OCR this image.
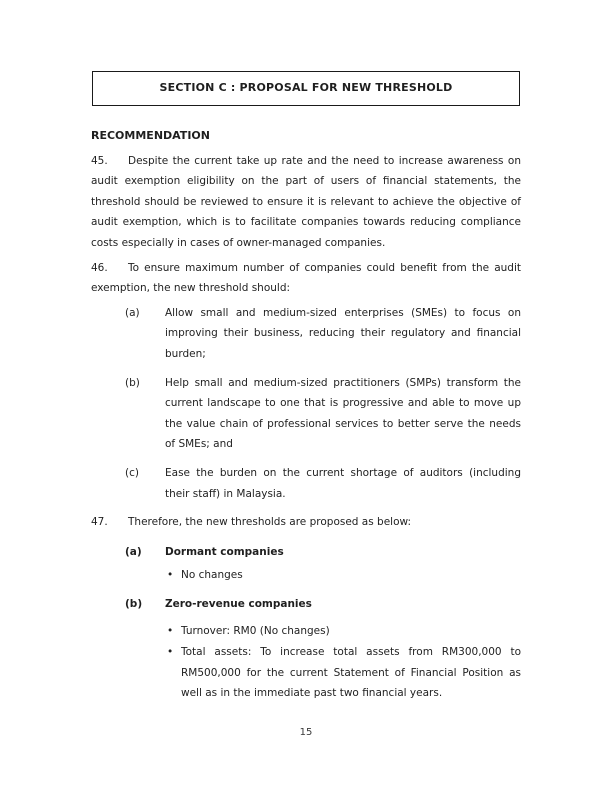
SECTION C : PROPOSAL FOR NEW THRESHOLD
RECOMMENDATION
45. Despite the current take up rate and the need to increase awareness on audit exemption eligibility on the part of users of financial statements, the threshold should be reviewed to ensure it is relevant to achieve the objective of audit exemption, which is to facilitate companies towards reducing compliance costs especially in cases of owner-managed companies.
46. To ensure maximum number of companies could benefit from the audit exemption, the new threshold should:
(a)	Allow small and medium-sized enterprises (SMEs) to focus on improving their business, reducing their regulatory and financial burden;
(b)	Help small and medium-sized practitioners (SMPs) transform the current landscape to one that is progressive and able to move up the value chain of professional services to better serve the needs of SMEs; and
(c)	Ease the burden on the current shortage of auditors (including their staff) in Malaysia.
47. Therefore, the new thresholds are proposed as below:
(a)	Dormant companies
• No changes
(b)	Zero-revenue companies
• Turnover: RM0 (No changes)
• Total assets: To increase total assets from RM300,000 to RM500,000 for the current Statement of Financial Position as well as in the immediate past two financial years.
15
